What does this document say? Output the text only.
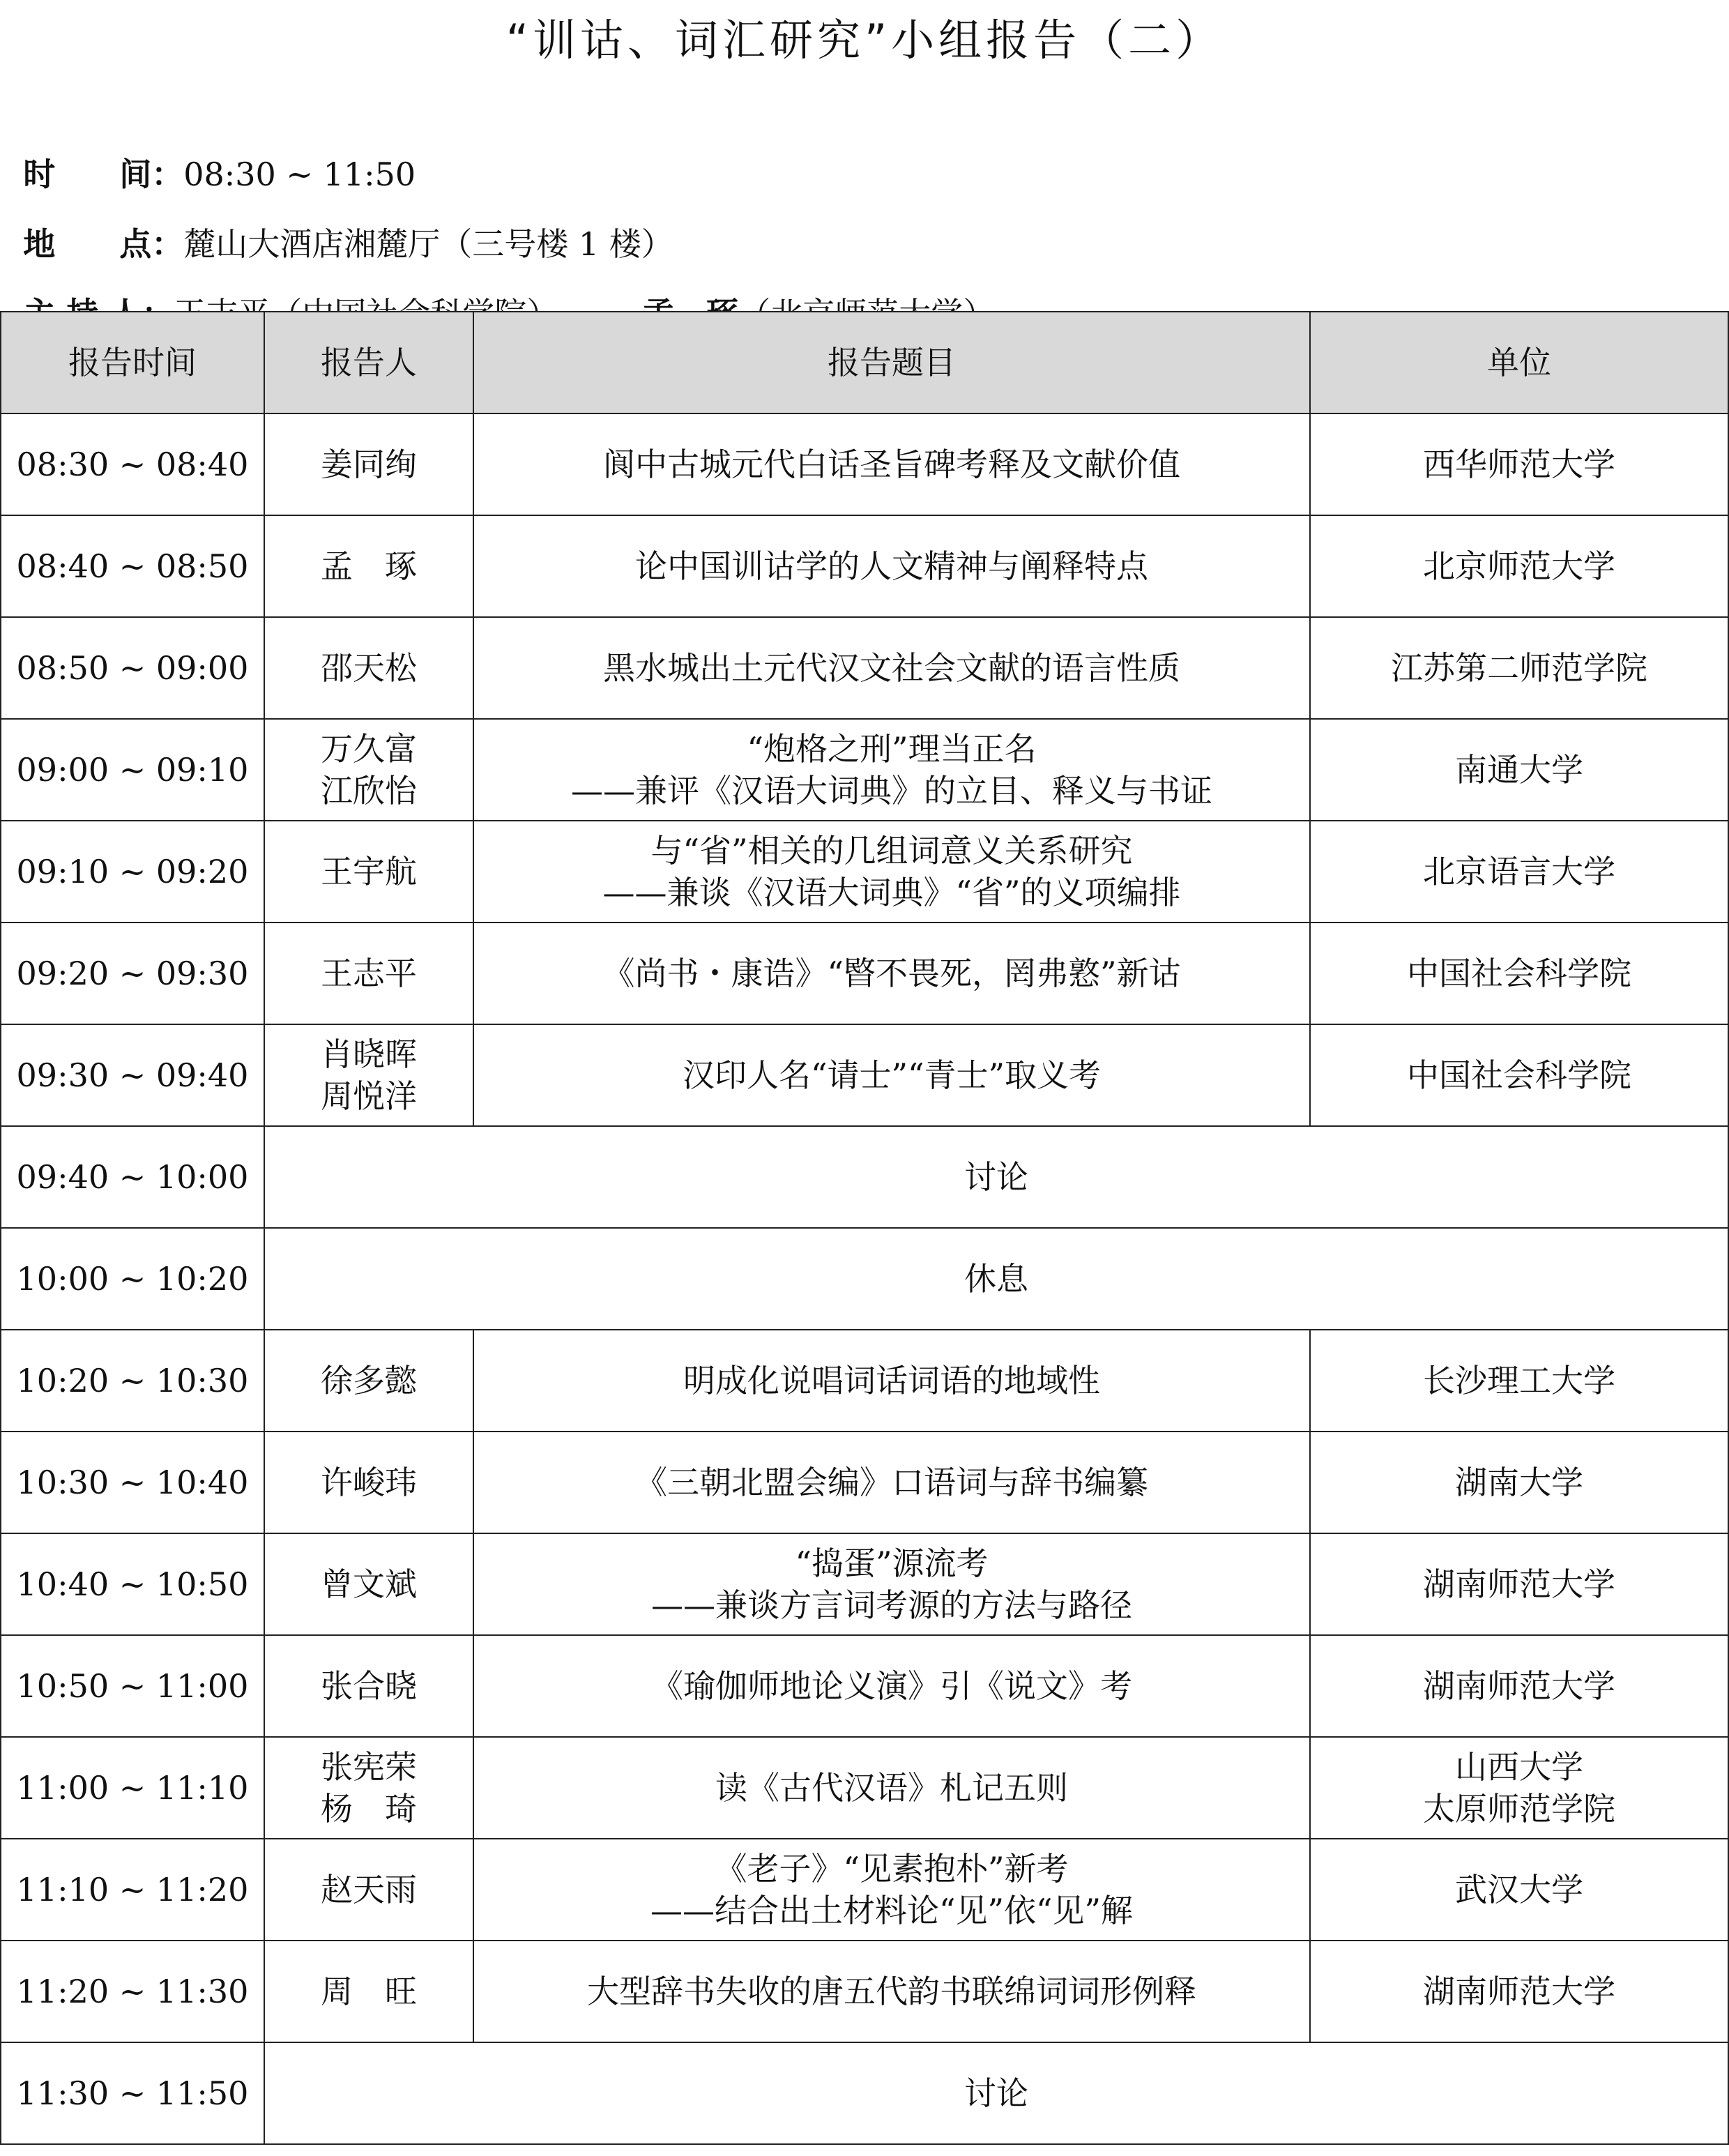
“训诂、词汇研究”小组报告（二）

时　　间：08:30 ~ 11:50

地　　点：麓山大酒店湘麓厅（三号楼 1 楼）

报告时间	报告人	报告题目	单位
08:30 ~ 08:40	姜同绚	阆中古城元代白话圣旨碑考释及文献价值	西华师范大学

08:40 ~ 08:50	孟　琢	论中国训诂学的人文精神与阐释特点	北京师范大学

08:50 ~ 09:00	邵天松	黑水城出土元代汉文社会文献的语言性质	江苏第二师范学院

09:00 ~ 09:10	万久富
江欣怡	“炮格之刑”理当正名
——兼评《汉语大词典》的立目、释义与书证	南通大学

09:10 ~ 09:20	王宇航	与“省”相关的几组词意义关系研究
——兼谈《汉语大词典》“省”的义项编排	北京语言大学

09:20 ~ 09:30	王志平	《尚书・康诰》“暋不畏死，罔弗憝”新诂	中国社会科学院

09:30 ~ 09:40	肖晓晖
周悦洋	汉印人名“请士”“青士”取义考	中国社会科学院

09:40 ~ 10:00	讨论		
10:00 ~ 10:20	休息		
10:20 ~ 10:30	徐多懿	明成化说唱词话词语的地域性	长沙理工大学

10:30 ~ 10:40	许峻玮	《三朝北盟会编》口语词与辞书编纂	湖南大学

10:40 ~ 10:50	曾文斌	“捣蛋”源流考
——兼谈方言词考源的方法与路径	湖南师范大学

10:50 ~ 11:00	张合晓	《瑜伽师地论义演》引《说文》考	湖南师范大学

11:00 ~ 11:10	张宪荣
杨　琦	读《古代汉语》札记五则	山西大学
太原师范学院

11:10 ~ 11:20	赵天雨	《老子》“见素抱朴”新考
——结合出土材料论“见”依“见”解	武汉大学

11:20 ~ 11:30	周　旺	大型辞书失收的唐五代韵书联绵词词形例释	湖南师范大学

11:30 ~ 11:50	讨论		
